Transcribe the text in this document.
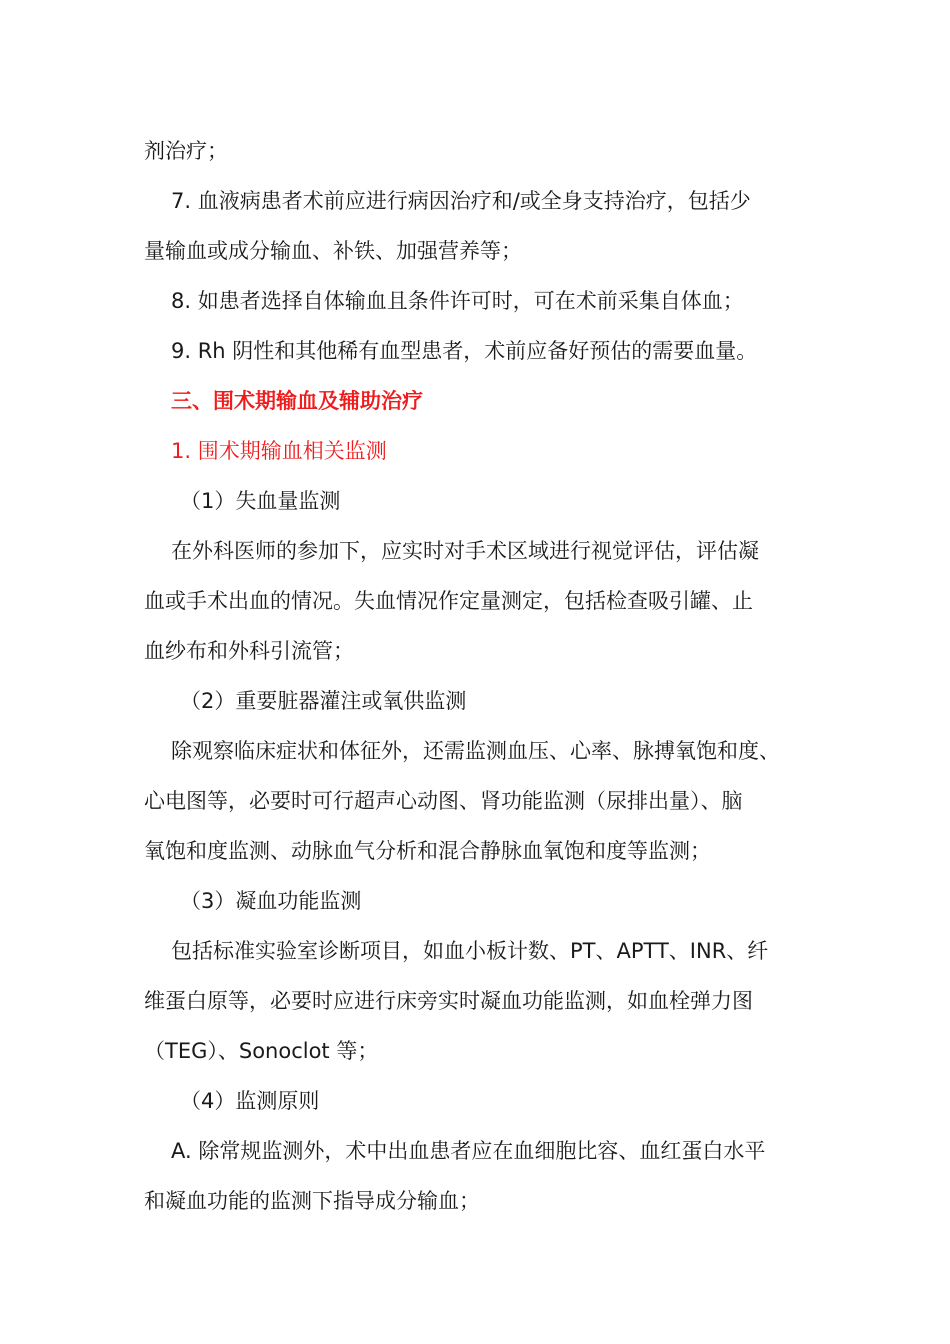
剂治疗；
7. 血液病患者术前应进行病因治疗和/或全身支持治疗，包括少
量输血或成分输血、补铁、加强营养等；
8. 如患者选择自体输血且条件许可时，可在术前采集自体血；
9. Rh 阴性和其他稀有血型患者，术前应备好预估的需要血量。
三、围术期输血及辅助治疗
1. 围术期输血相关监测
（1）失血量监测
在外科医师的参加下，应实时对手术区域进行视觉评估，评估凝
血或手术出血的情况。失血情况作定量测定，包括检查吸引罐、止
血纱布和外科引流管；
（2）重要脏器灌注或氧供监测
除观察临床症状和体征外，还需监测血压、心率、脉搏氧饱和度、
心电图等，必要时可行超声心动图、肾功能监测（尿排出量）、脑
氧饱和度监测、动脉血气分析和混合静脉血氧饱和度等监测；
（3）凝血功能监测
包括标准实验室诊断项目，如血小板计数、PT、APTT、INR、纤
维蛋白原等，必要时应进行床旁实时凝血功能监测，如血栓弹力图
（TEG）、Sonoclot 等；
（4）监测原则
A. 除常规监测外，术中出血患者应在血细胞比容、血红蛋白水平
和凝血功能的监测下指导成分输血；
